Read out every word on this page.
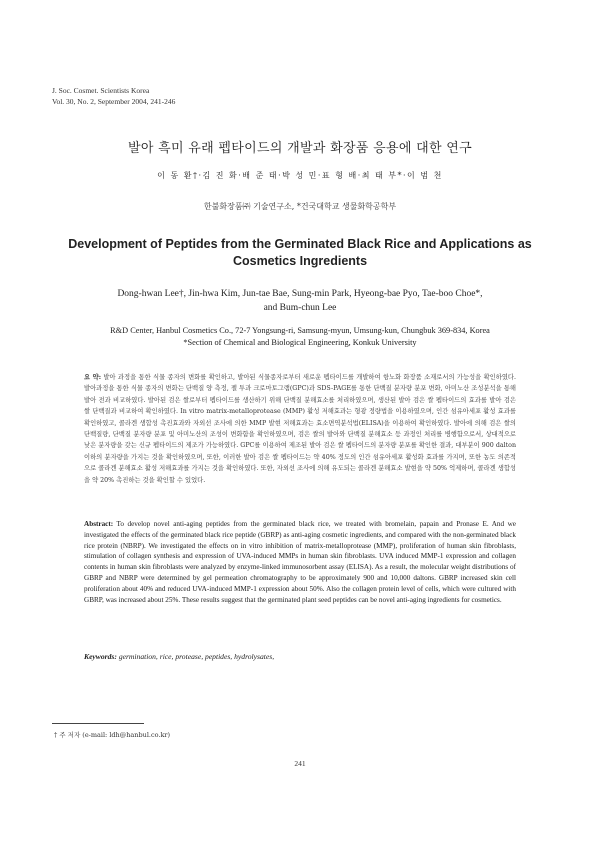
J. Soc. Cosmet. Scientists Korea
Vol. 30, No. 2, September 2004, 241-246
발아 흑미 유래 펩타이드의 개발과 화장품 응용에 대한 연구
이 동 환†·김 진 화·배 준 태·박 성 민·표 형 배·최 태 부*·이 범 천
한불화장품㈜ 기술연구소, *건국대학교 생물화학공학부
Development of Peptides from the Germinated Black Rice and Applications as Cosmetics Ingredients
Dong-hwan Lee†, Jin-hwa Kim, Jun-tae Bae, Sung-min Park, Hyeong-bae Pyo, Tae-boo Choe*,
and Bum-chun Lee
R&D Center, Hanbul Cosmetics Co., 72-7 Yongsung-ri, Samsung-myun, Umsung-kun, Chungbuk 369-834, Korea
*Section of Chemical and Biological Engineering, Konkuk University
요 약: 발아 과정을 통한 식물 종자의 변화를 확인하고, 발아된 식물종자로부터 새로운 펩타이드를 개발하여 항노화 화장품 소재로서의 가능성을 확인하였다. 발아과정을 통한 식물 종자의 변화는 단백질 양 측정, 젤 투과 크로마토그램(GPC)과 SDS-PAGE를 통한 단백질 분자량 분포 변화, 아미노산 조성분석을 통해 발아 전과 비교하였다. 발아된 검은 쌀로부터 펩타이드를 생산하기 위해 단백질 분해효소를 처리하였으며, 생산된 발아 검은 쌀 펩타이드의 효과를 발아 검은 쌀 단백질과 비교하여 확인하였다. In vitro matrix-metalloprotease (MMP) 활성 저해효과는 형광 정량법을 이용하였으며, 인간 섬유아세포 활성 효과를 확인하였고, 콜라겐 생합성 촉진효과와 자외선 조사에 의한 MMP 발현 저해효과는 효소면역분석법(ELISA)을 이용하여 확인하였다. 발아에 의해 검은 쌀의 단백질량, 단백질 분자량 분포 및 아미노산의 조성이 변화함을 확인하였으며, 검은 쌀의 발아와 단백질 분해효소 등 과정인 처리를 병행함으로서, 상대적으로 낮은 분자량을 갖는 신규 펩타이드의 제조가 가능하였다. GPC를 이용하여 제조된 발아 검은 쌀 펩타이드의 분자량 분포를 확인한 결과, 대부분이 900 dalton 이하의 분자량을 가지는 것을 확인하였으며, 또한, 이러한 발아 검은 쌀 펩타이드는 약 40% 정도의 인간 섬유아세포 활성화 효과를 가지며, 또한 농도 의존적으로 콜라겐 분해효소 활성 저해효과를 가지는 것을 확인하였다. 또한, 자외선 조사에 의해 유도되는 콜라겐 분해효소 발현을 약 50% 억제하며, 콜라겐 생합성을 약 20% 촉진하는 것을 확인할 수 있었다.
Abstract: To develop novel anti-aging peptides from the germinated black rice, we treated with bromelain, papain and Pronase E. And we investigated the effects of the germinated black rice peptide (GBRP) as anti-aging cosmetic ingredients, and compared with the non-germinated black rice protein (NBRP). We investigated the effects on in vitro inhibition of matrix-metalloprotease (MMP), proliferation of human skin fibroblasts, stimulation of collagen synthesis and expression of UVA-induced MMPs in human skin fibroblasts. UVA induced MMP-1 expression and collagen contents in human skin fibroblasts were analyzed by enzyme-linked immunosorbent assay (ELISA). As a result, the molecular weight distributions of GBRP and NBRP were determined by gel permeation chromatography to be approximately 900 and 10,000 daltons. GBRP increased skin cell proliferation about 40% and reduced UVA-induced MMP-1 expression about 50%. Also the collagen protein level of cells, which were cultured with GBRP, was increased about 25%. These results suggest that the germinated plant seed peptides can be novel anti-aging ingredients for cosmetics.
Keywords: germination, rice, protease, peptides, hydrolysates,
† 주 저자 (e-mail: ldh@hanbul.co.kr)
241
